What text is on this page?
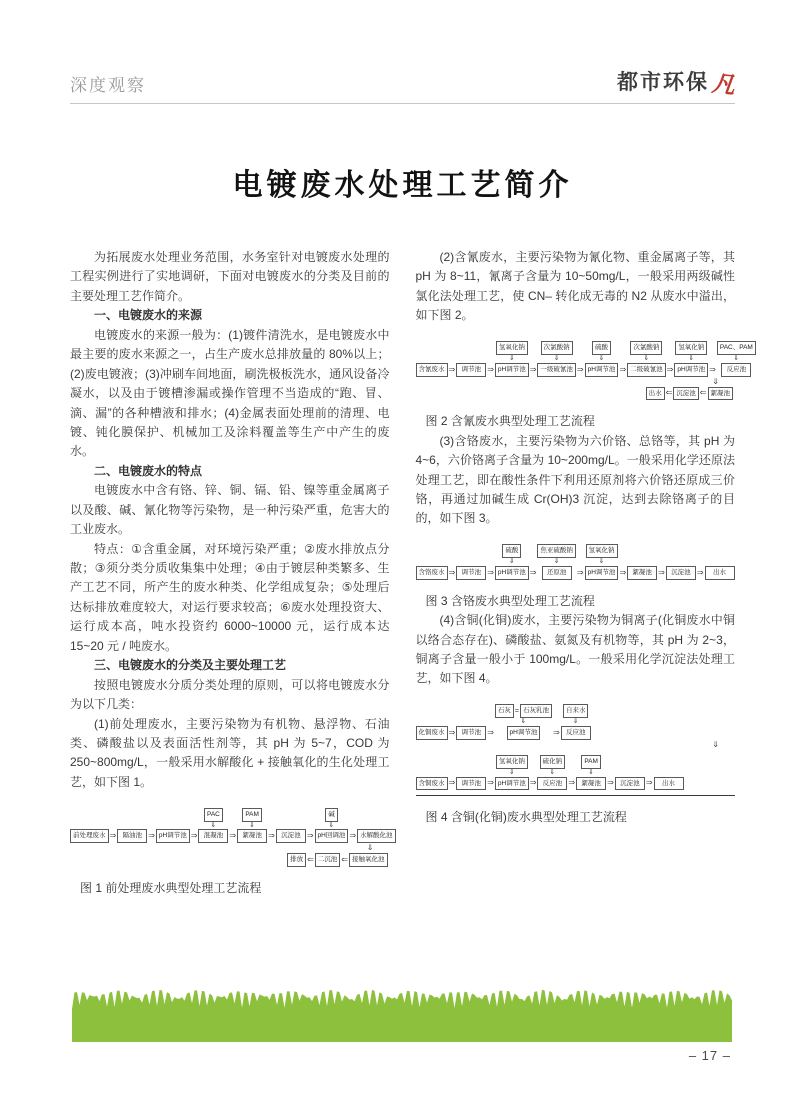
深度观察	都市环保 凡
电镀废水处理工艺简介

为拓展废水处理业务范围，水务室针对电镀废水处理的工程实例进行了实地调研，下面对电镀废水的分类及目前的主要处理工艺作简介。

一、电镀废水的来源

电镀废水的来源一般为：(1)镀件清洗水，是电镀废水中最主要的废水来源之一，占生产废水总排放量的 80%以上；(2)废电镀液；(3)冲刷车间地面，刷洗极板洗水，通风设备冷凝水，以及由于镀槽渗漏或操作管理不当造成的“跑、冒、滴、漏”的各种槽液和排水；(4)金属表面处理前的清理、电镀、钝化膜保护、机械加工及涂料覆盖等生产中产生的废水。

二、电镀废水的特点

电镀废水中含有铬、锌、铜、镉、铅、镍等重金属离子以及酸、碱、氰化物等污染物，是一种污染严重，危害大的工业废水。

特点：①含重金属，对环境污染严重；②废水排放点分散；③须分类分质收集集中处理；④由于镀层种类繁多、生产工艺不同，所产生的废水种类、化学组成复杂；⑤处理后达标排放难度较大，对运行要求较高；⑥废水处理投资大、运行成本高，吨水投资约 6000~10000 元，运行成本达 15~20 元 / 吨废水。

三、电镀废水的分类及主要处理工艺

按照电镀废水分质分类处理的原则，可以将电镀废水分为以下几类：

(1)前处理废水，主要污染物为有机物、悬浮物、石油类、磷酸盐以及表面活性剂等，其 pH 为 5~7，COD 为 250~800mg/L，一般采用水解酸化 + 接触氧化的生化处理工艺，如下图 1。

前处理废水 ⇒ 隔油池 ⇒ pH调节池 ⇒
PAC
⇓
混凝池 ⇒
PAM
⇓
絮凝池 ⇒ 沉淀池 ⇒
碱
⇓
pH回调池 ⇒ 水解酸化池
⇓
排放 ⇐ 二沉池 ⇐ 接触氧化池
图 1 前处理废水典型处理工艺流程

(2)含氰废水，主要污染物为氰化物、重金属离子等，其 pH 为 8~11，氰离子含量为 10~50mg/L，一般采用两级碱性氯化法处理工艺，使 CN– 转化成无毒的 N2 从废水中溢出，如下图 2。

含氰废水 ⇒ 调节池 ⇒
氢氧化钠
⇓
pH调节池 ⇒
次氯酸钠
⇓
一级破氰池 ⇒
硫酸
⇓
pH调节池 ⇒
次氯酸钠
⇓
二级破氰池 ⇒
氢氧化钠
⇓
pH调节池 ⇒
PAC、PAM
⇓
反应池
⇓
出水 ⇐ 沉淀池 ⇐ 絮凝池
图 2 含氰废水典型处理工艺流程

(3)含铬废水，主要污染物为六价铬、总铬等，其 pH 为 4~6，六价铬离子含量为 10~200mg/L。一般采用化学还原法处理工艺，即在酸性条件下利用还原剂将六价铬还原成三价铬，再通过加碱生成 Cr(OH)3 沉淀，达到去除铬离子的目的，如下图 3。

含铬废水 ⇒ 调节池 ⇒
硫酸
⇓
pH调节池 ⇒
焦亚硫酸钠
⇓
还原池	⇒
氢氧化钠
⇓
pH调节池 ⇒ 絮凝池 ⇒ 沉淀池 ⇒	出水
图 3 含铬废水典型处理工艺流程

(4)含铜(化铜)废水，主要污染物为铜离子(化铜废水中铜以络合态存在)、磷酸盐、氨氮及有机物等，其 pH 为 2~3，铜离子含量一般小于 100mg/L。一般采用化学沉淀法处理工艺，如下图 4。

化铜废水 ⇒ 调节池 ⇒
石灰 = 石灰乳池
⇓
pH调节池	⇒
自来水
⇓
反应池
⇓
含铜废水 ⇒ 调节池 ⇒
氢氧化钠
⇓
pH调节池 ⇒
硫化钠
⇓
反应池 ⇒
PAM
⇓
絮凝池 ⇒ 沉淀池 ⇒	出水
图 4 含铜(化铜)废水典型处理工艺流程
– 17 –
